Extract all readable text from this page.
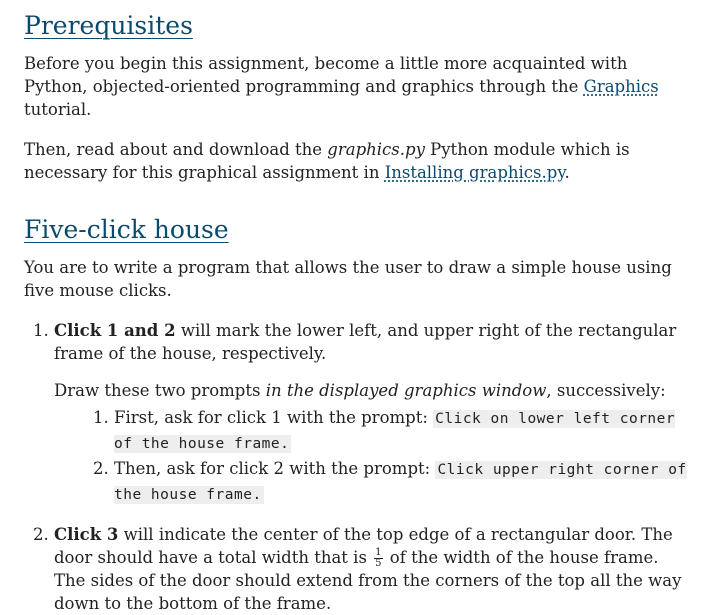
Prerequisites

Before you begin this assignment, become a little more acquainted with Python, objected-oriented programming and graphics through the Graphics tutorial.

Then, read about and download the graphics.py Python module which is necessary for this graphical assignment in Installing graphics.py.

Five-click house

You are to write a program that allows the user to draw a simple house using five mouse clicks.

1. Click 1 and 2 will mark the lower left, and upper right of the rectangular frame of the house, respectively.
Draw these two prompts in the displayed graphics window, successively:
1. First, ask for click 1 with the prompt: Click on lower left corner of the house frame.
2. Then, ask for click 2 with the prompt: Click upper right corner of the house frame.
2. Click 3 will indicate the center of the top edge of a rectangular door. The door should have a total width that is $\frac{1}{5}$ of the width of the house frame. The sides of the door should extend from the corners of the top all the way down to the bottom of the frame.
